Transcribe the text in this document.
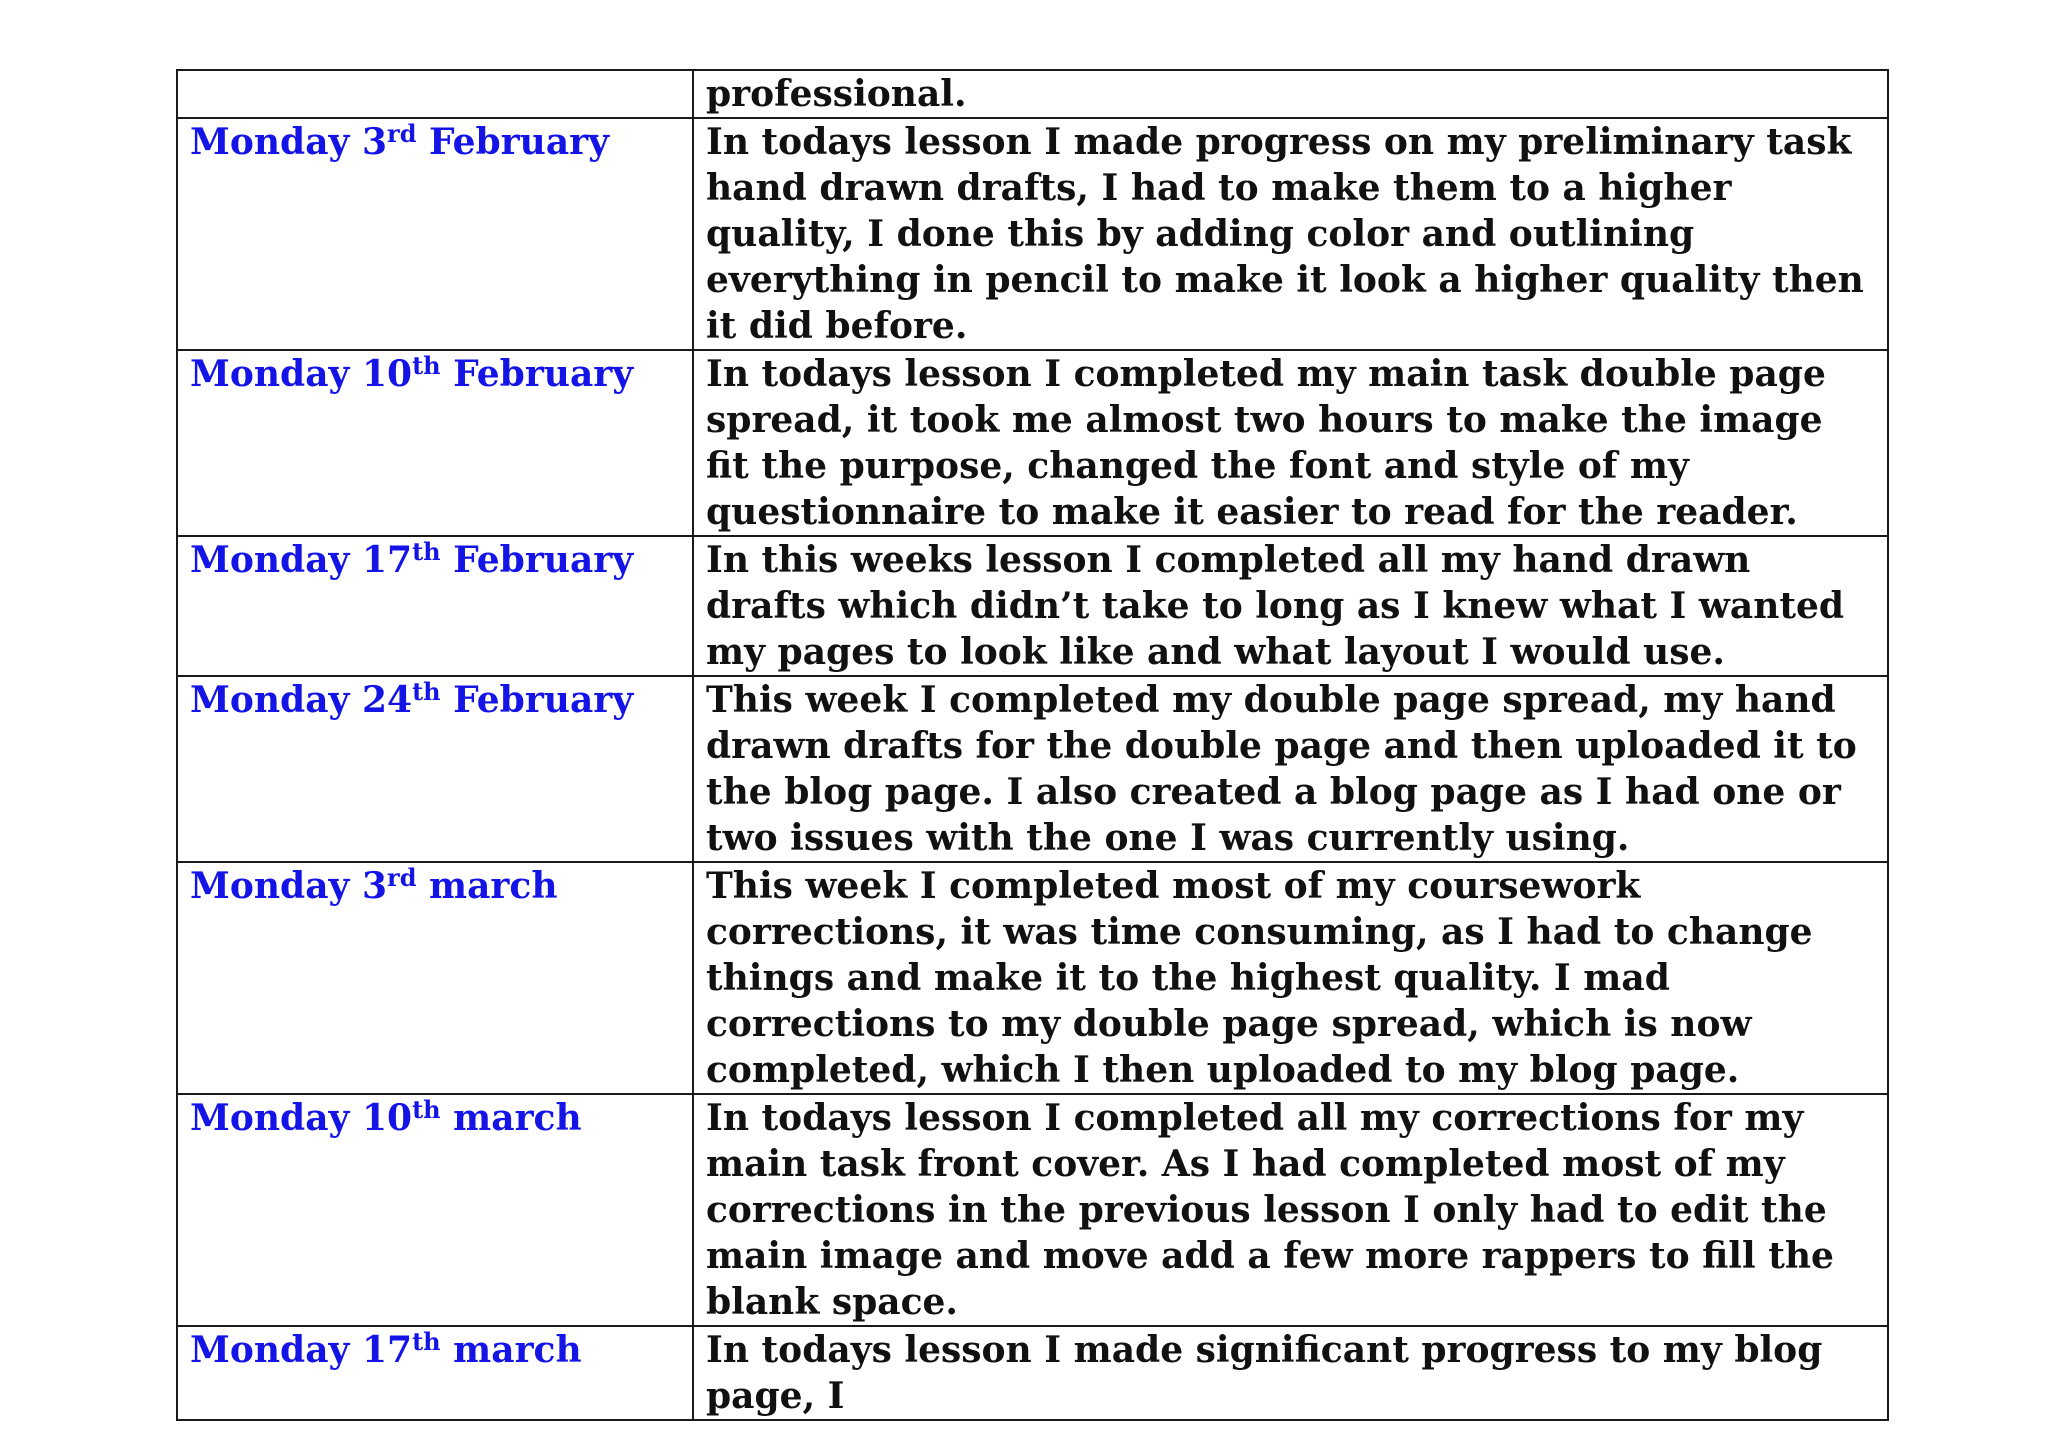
	professional.
Monday 3rd February	In todays lesson I made progress on my preliminary task hand drawn drafts, I had to make them to a higher quality, I done this by adding color and outlining everything in pencil to make it look a higher quality then it did before.
Monday 10th February	In todays lesson I completed my main task double page spread, it took me almost two hours to make the image fit the purpose, changed the font and style of my questionnaire to make it easier to read for the reader.
Monday 17th February	In this weeks lesson I completed all my hand drawn drafts which didn’t take to long as I knew what I wanted my pages to look like and what layout I would use.
Monday 24th February	This week I completed my double page spread, my hand drawn drafts for the double page and then uploaded it to the blog page. I also created a blog page as I had one or two issues with the one I was currently using.
Monday 3rd march	This week I completed most of my coursework corrections, it was time consuming, as I had to change things and make it to the highest quality. I mad corrections to my double page spread, which is now completed, which I then uploaded to my blog page.
Monday 10th march	In todays lesson I completed all my corrections for my main task front cover. As I had completed most of my corrections in the previous lesson I only had to edit the main image and move add a few more rappers to fill the blank space.
Monday 17th march	In todays lesson I made significant progress to my blog page, I
